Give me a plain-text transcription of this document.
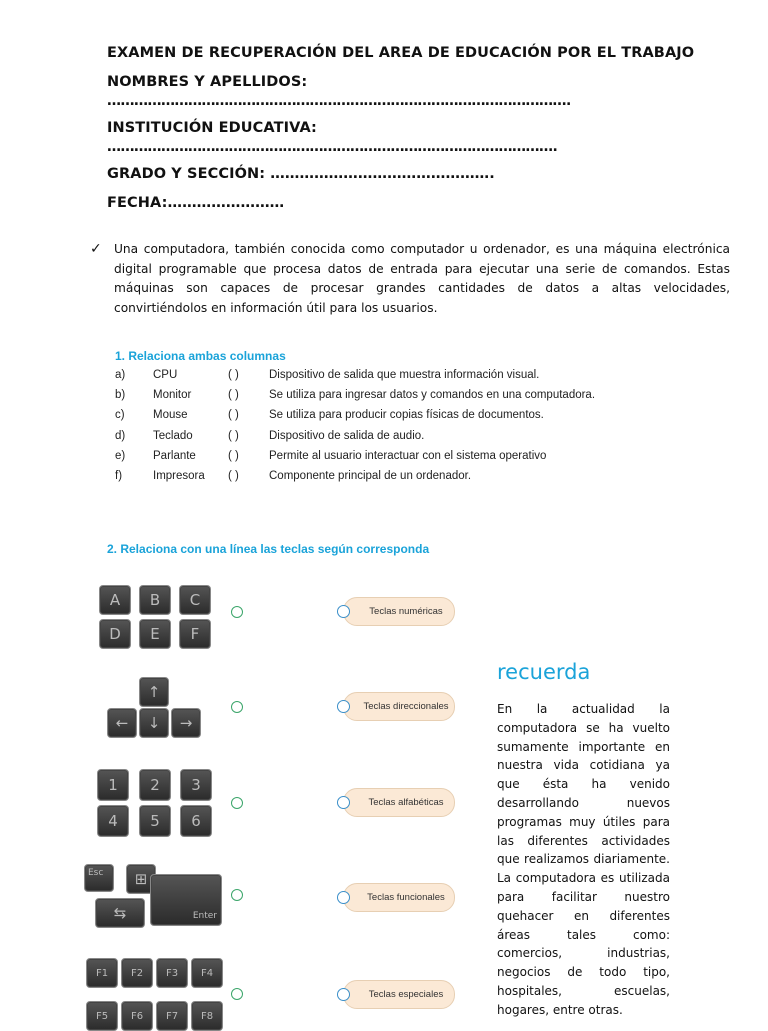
EXAMEN DE RECUPERACIÓN DEL AREA DE EDUCACIÓN POR EL TRABAJO
NOMBRES Y APELLIDOS:
………………………………………………………………………………………….
INSTITUCIÓN EDUCATIVA:
……………………………………………………………………………………….
GRADO Y SECCIÓN: ……………………………………….
FECHA:……………………
✓ Una computadora, también conocida como computador u ordenador, es una máquina electrónica digital programable que procesa datos de entrada para ejecutar una serie de comandos. Estas máquinas son capaces de procesar grandes cantidades de datos a altas velocidades, convirtiéndolos en información útil para los usuarios.
1. Relaciona ambas columnas
a) CPU	( )	Dispositivo de salida que muestra información visual.
b) Monitor	( )	Se utiliza para ingresar datos y comandos en una computadora.
c) Mouse	( )	Se utiliza para producir copias físicas de documentos.
d) Teclado	( )	Dispositivo de salida de audio.
e) Parlante	( )	Permite al usuario interactuar con el sistema operativo
f)	Impresora ( )	Componente principal de un ordenador.
2. Relaciona con una línea las teclas según corresponda
A	B	C
D	E	F
↑
←	↓	→
1	2	3
4	5	6
Esc	⊞
⇆	Enter
F1	F2	F3	F4
F5	F6	F7	F8
Teclas numéricas
Teclas direccionales
Teclas alfabéticas
Teclas funcionales
Teclas especiales
recuerda
En la actualidad la computadora se ha vuelto sumamente importante en nuestra vida cotidiana ya que ésta ha venido desarrollando nuevos programas muy útiles para las diferentes actividades que realizamos diariamente. La computadora es utilizada para facilitar nuestro quehacer en diferentes áreas tales como: comercios, industrias, negocios de todo tipo, hospitales, escuelas, hogares, entre otras.
